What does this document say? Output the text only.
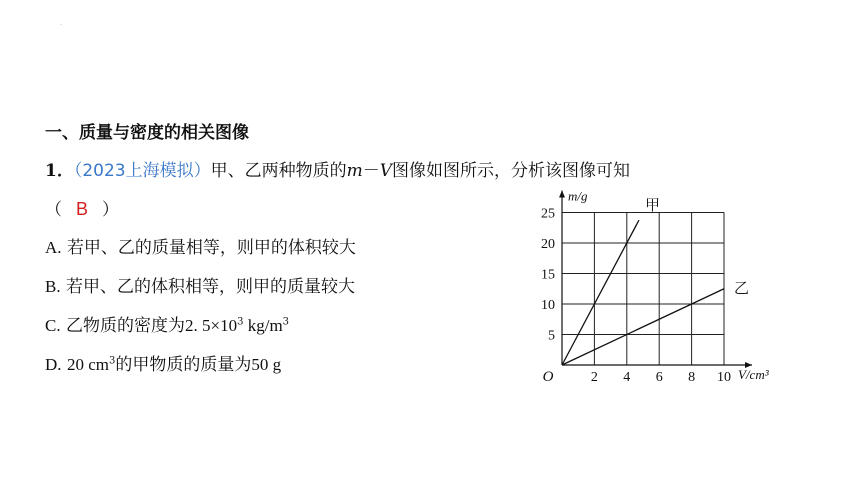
·
一、质量与密度的相关图像
1．（2023上海模拟）甲、乙两种物质的m－V图像如图所示，分析该图像可知
（ B ）
A. 若甲、乙的质量相等，则甲的体积较大
B. 若甲、乙的体积相等，则甲的质量较大
C. 乙物质的密度为2. $5\times 10^3$ $kg/m^3$
D. 20 $cm^3$的甲物质的质量为50 g
2 4 6 8 10
5
10
15
20
25
O	V/cm³
m/g
甲
乙
